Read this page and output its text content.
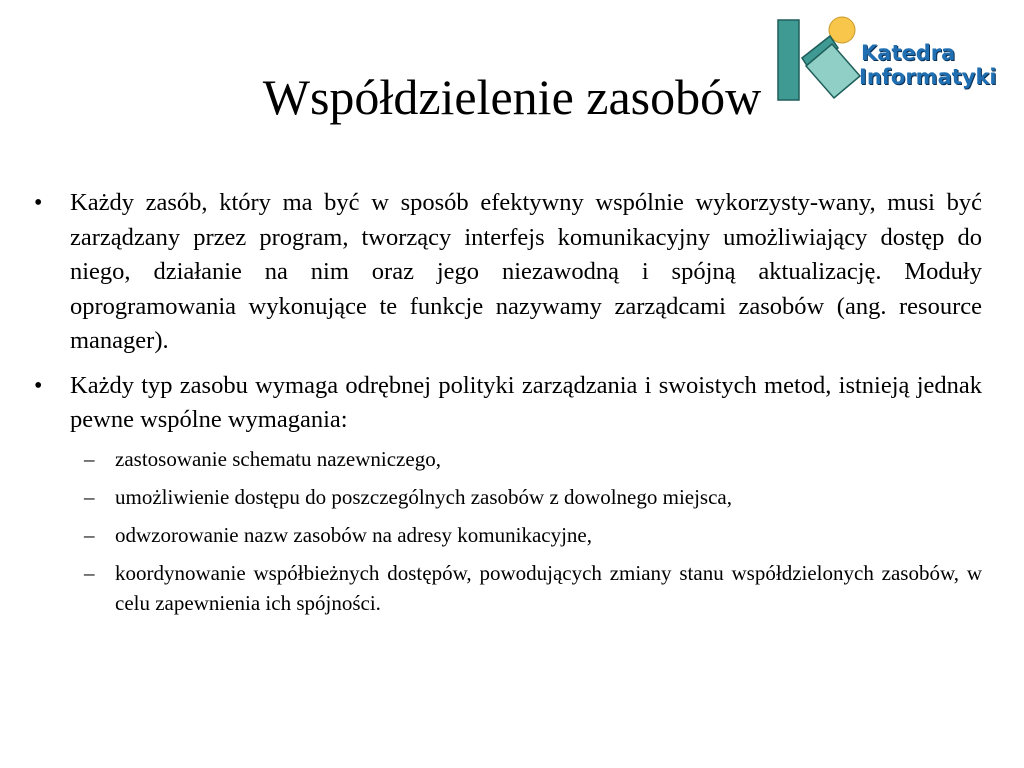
Współdzielenie zasobów
Katedra
Informatyki
• Każdy zasób, który ma być w sposób efektywny wspólnie wykorzysty-wany, musi być zarządzany przez program, tworzący interfejs komunikacyjny umożliwiający dostęp do niego, działanie na nim oraz jego niezawodną i spójną aktualizację. Moduły oprogramowania wykonujące te funkcje nazywamy zarządcami zasobów (ang. resource manager).
• Każdy typ zasobu wymaga odrębnej polityki zarządzania i swoistych metod, istnieją jednak pewne wspólne wymagania:
– zastosowanie schematu nazewniczego,
– umożliwienie dostępu do poszczególnych zasobów z dowolnego miejsca,
– odwzorowanie nazw zasobów na adresy komunikacyjne,
– koordynowanie współbieżnych dostępów, powodujących zmiany stanu współdzielonych zasobów, w celu zapewnienia ich spójności.
